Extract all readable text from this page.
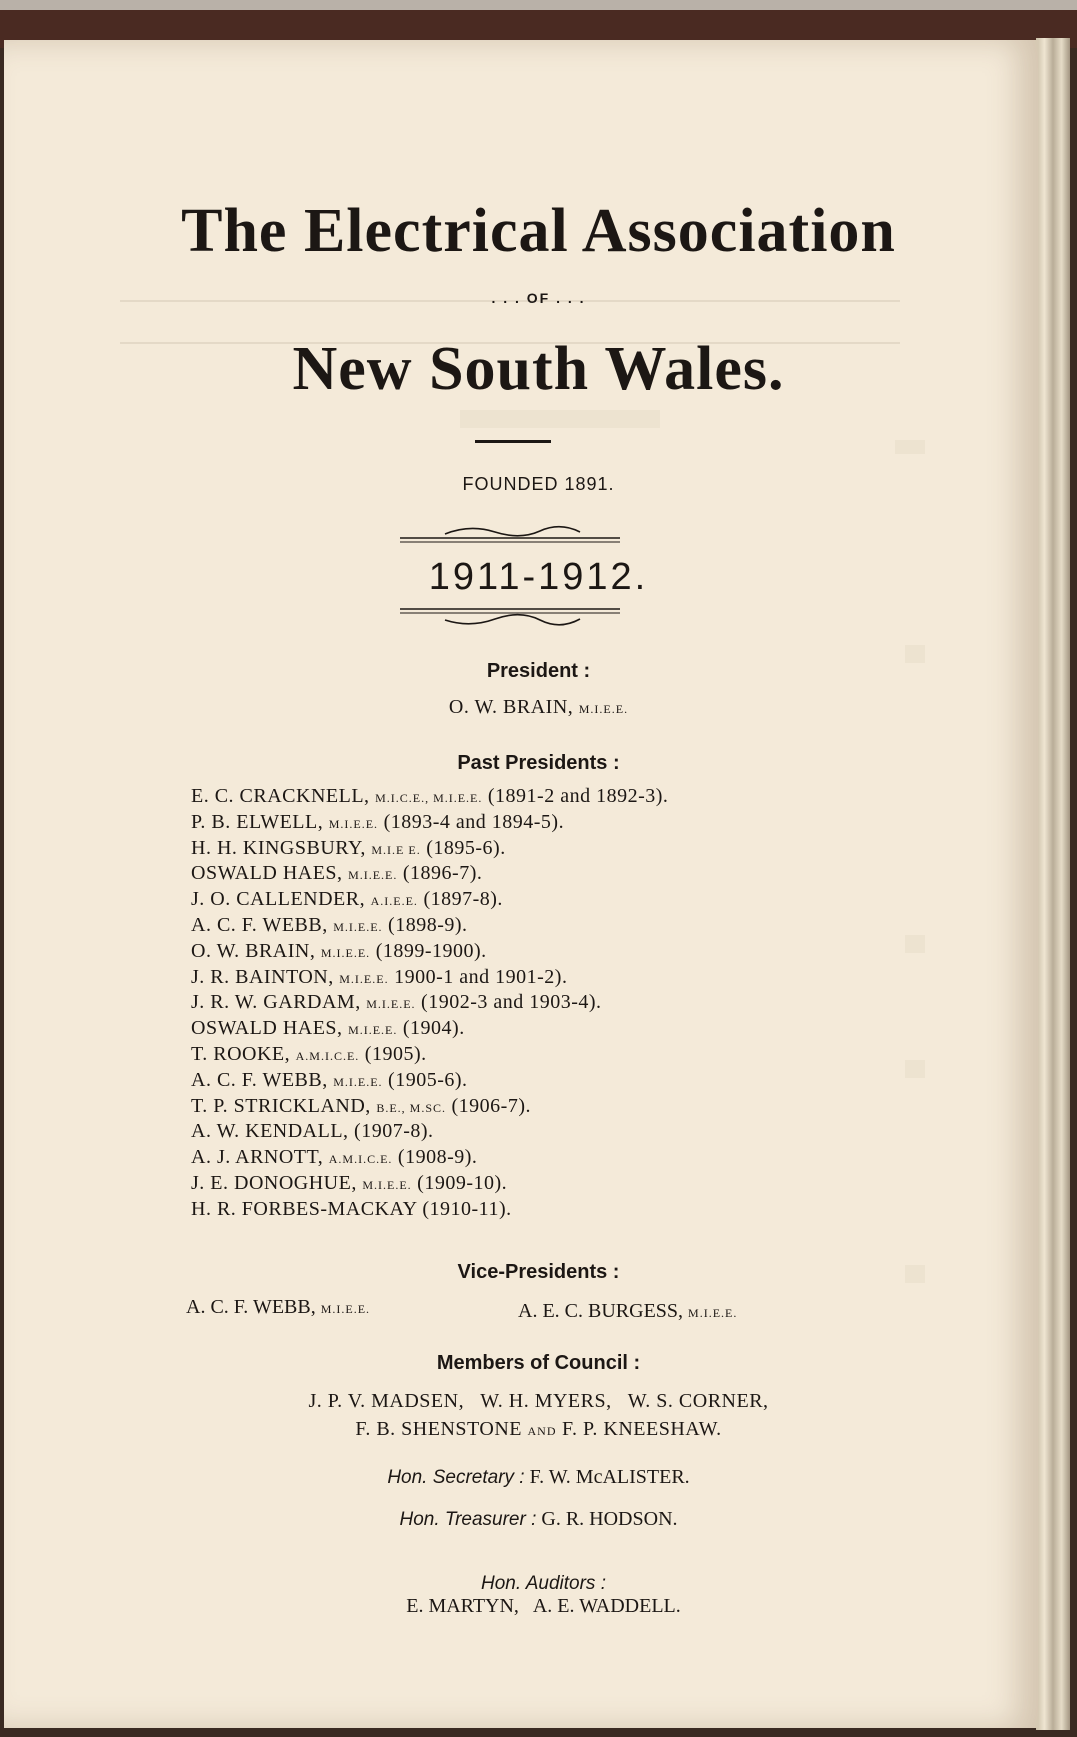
The Electrical Association
. . . OF . . .
New South Wales.
FOUNDED 1891.
1911-1912.
President :
O. W. BRAIN, M.I.E.E.
Past Presidents :
E. C. CRACKNELL, M.I.C.E., M.I.E.E. (1891-2 and 1892-3).
P. B. ELWELL, M.I.E.E. (1893-4 and 1894-5).
H. H. KINGSBURY, M.I.E E. (1895-6).
OSWALD HAES, M.I.E.E. (1896-7).
J. O. CALLENDER, A.I.E.E. (1897-8).
A. C. F. WEBB, M.I.E.E. (1898-9).
O. W. BRAIN, M.I.E.E. (1899-1900).
J. R. BAINTON, M.I.E.E. 1900-1 and 1901-2).
J. R. W. GARDAM, M.I.E.E. (1902-3 and 1903-4).
OSWALD HAES, M.I.E.E. (1904).
T. ROOKE, A.M.I.C.E. (1905).
A. C. F. WEBB, M.I.E.E. (1905-6).
T. P. STRICKLAND, B.E., M.SC. (1906-7).
A. W. KENDALL, (1907-8).
A. J. ARNOTT, A.M.I.C.E. (1908-9).
J. E. DONOGHUE, M.I.E.E. (1909-10).
H. R. FORBES-MACKAY (1910-11).
Vice-Presidents :
A. C. F. WEBB, M.I.E.E.	A. E. C. BURGESS, M.I.E.E.
Members of Council :
J. P. V. MADSEN,   W. H. MYERS,   W. S. CORNER,
F. B. SHENSTONE AND F. P. KNEESHAW.
Hon. Secretary : F. W. McALISTER.
Hon. Treasurer : G. R. HODSON.

Hon. Auditors :
E. MARTYN,   A. E. WADDELL.
